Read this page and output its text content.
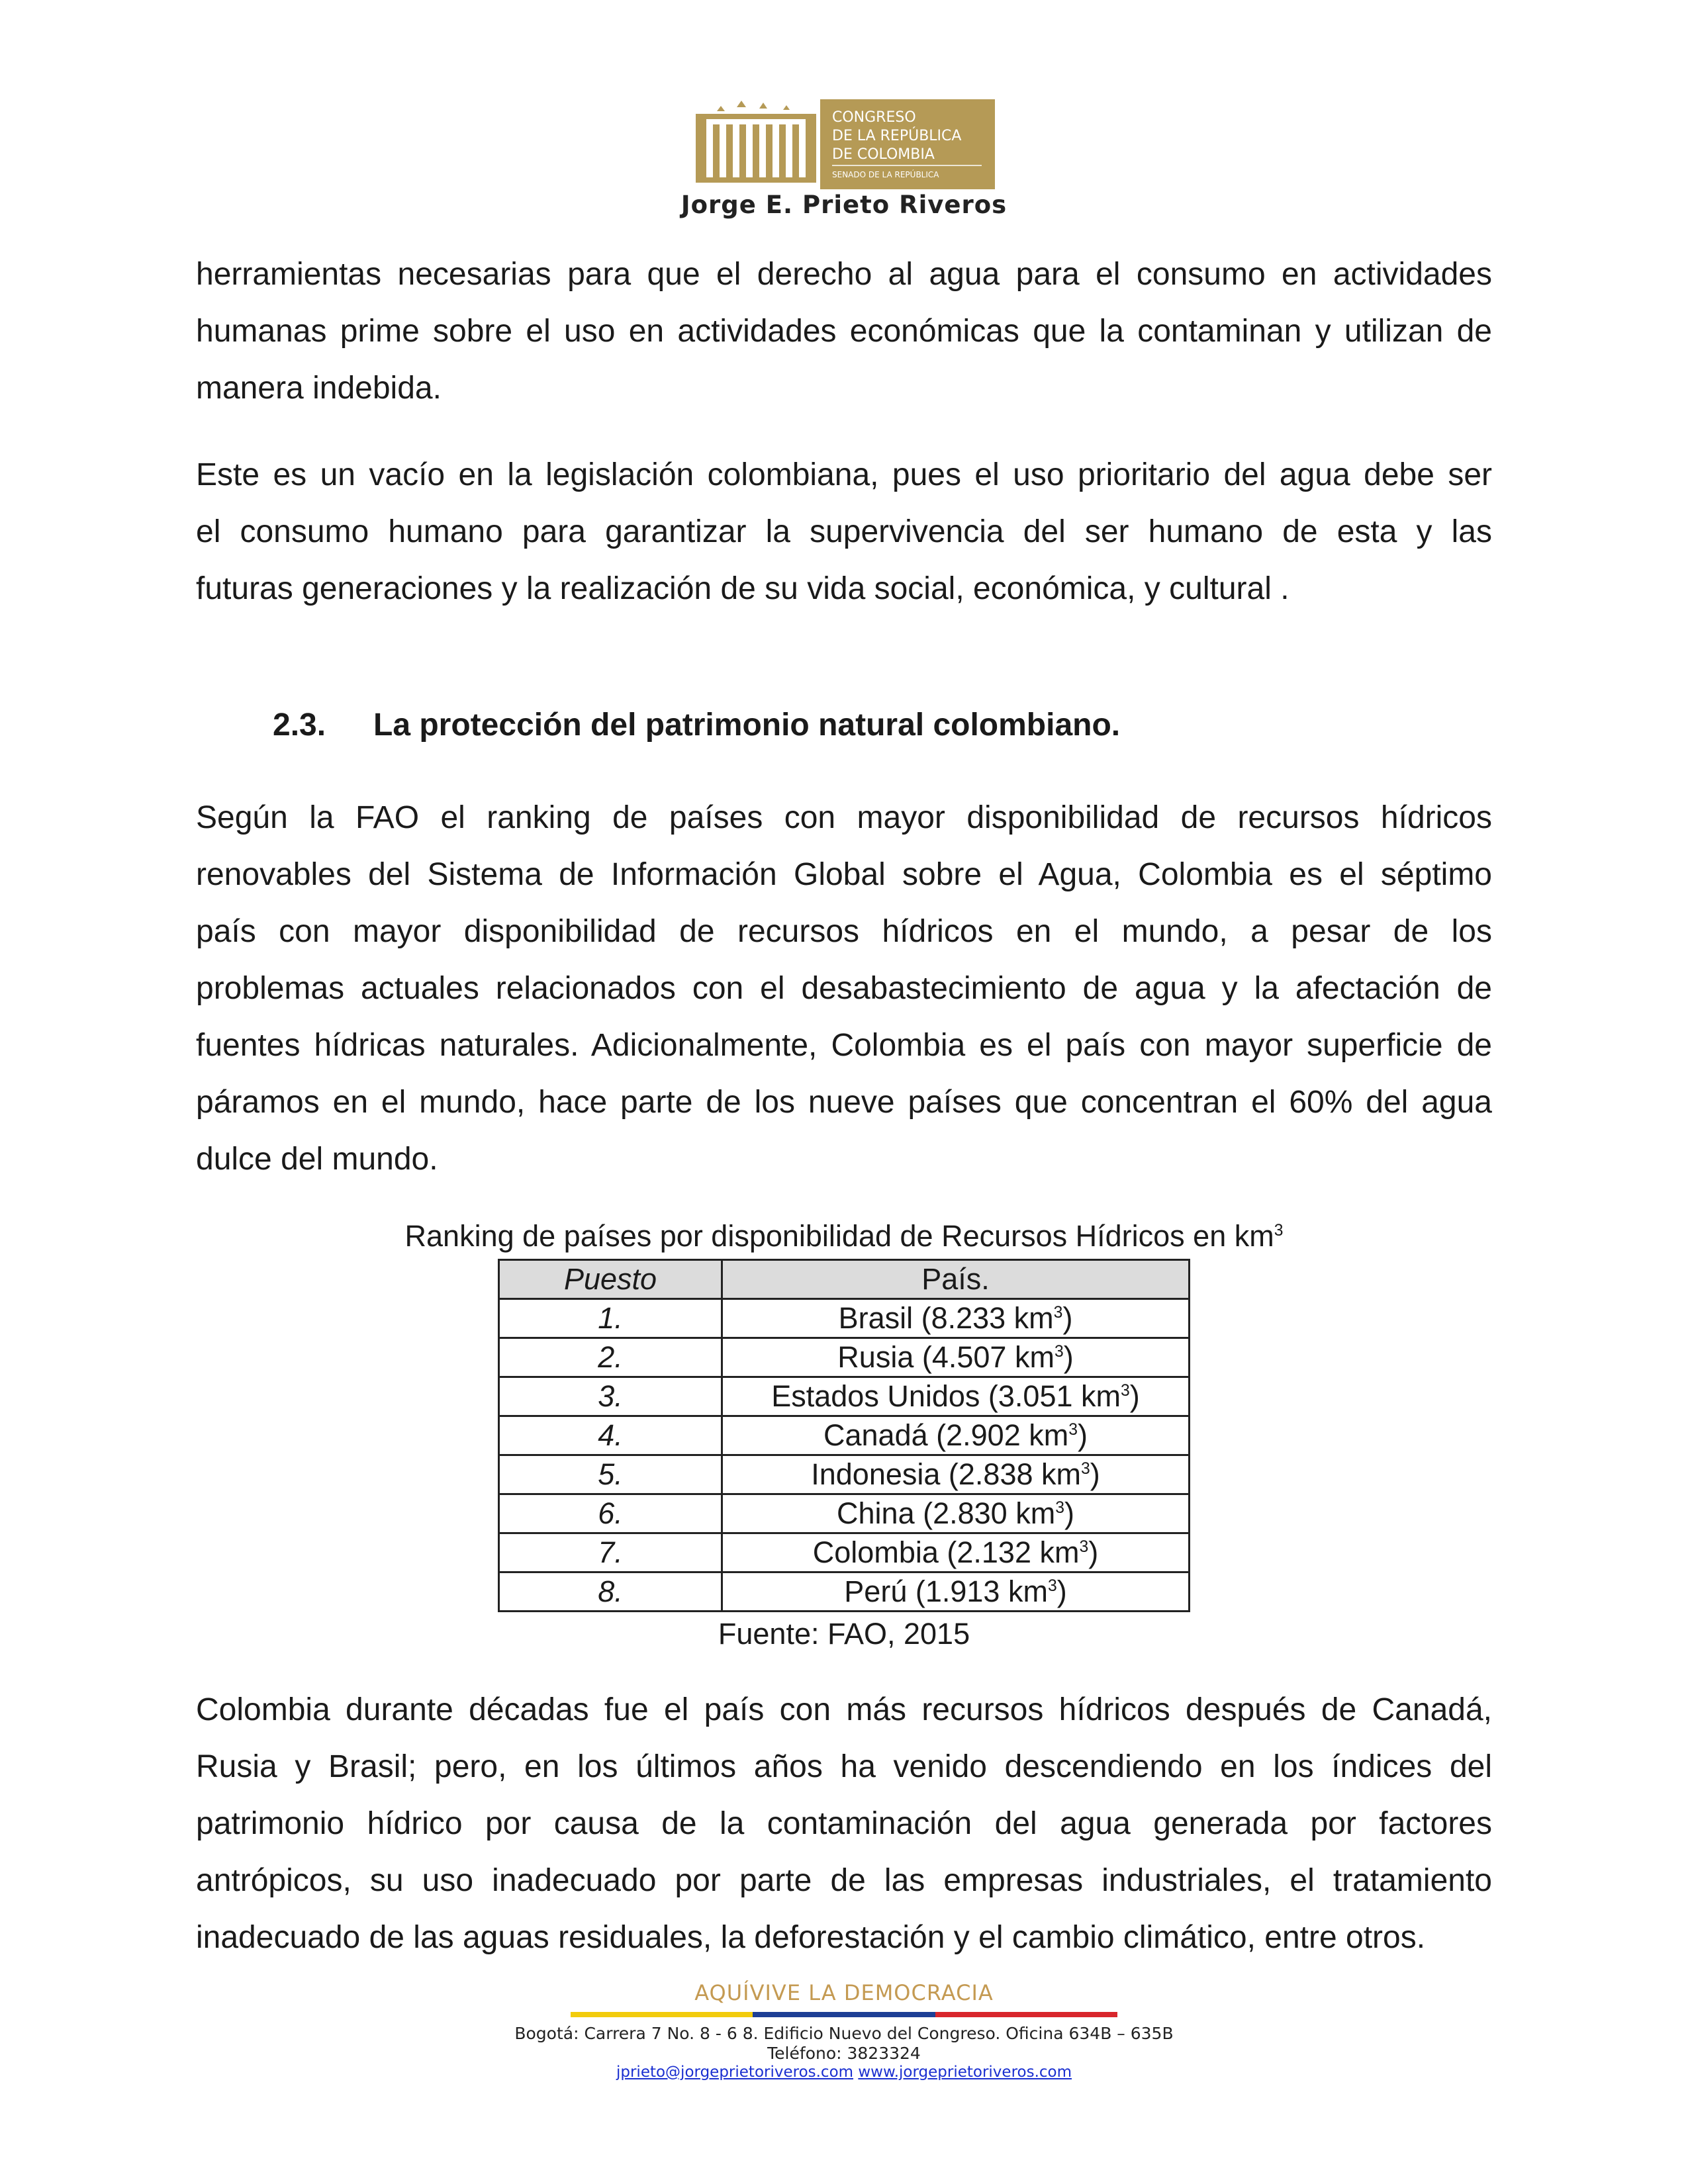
CONGRESO
DE LA REPÚBLICA
DE COLOMBIA
SENADO DE LA REPÚBLICA
Jorge E. Prieto Riveros
herramientas necesarias para que el derecho al agua para el consumo en actividades
humanas prime sobre el uso en actividades económicas que la contaminan y utilizan de
manera indebida.
Este es un vacío en la legislación colombiana, pues el uso prioritario del agua debe ser
el consumo humano para garantizar la supervivencia del ser humano de esta y las
futuras generaciones y la realización de su vida social, económica, y cultural .
2.3. La protección del patrimonio natural colombiano.
Según la FAO el ranking de países con mayor disponibilidad de recursos hídricos
renovables del Sistema de Información Global sobre el Agua, Colombia es el séptimo
país con mayor disponibilidad de recursos hídricos en el mundo, a pesar de los
problemas actuales relacionados con el desabastecimiento de agua y la afectación de
fuentes hídricas naturales. Adicionalmente, Colombia es el país con mayor superficie de
páramos en el mundo, hace parte de los nueve países que concentran el 60% del agua
dulce del mundo.
Ranking de países por disponibilidad de Recursos Hídricos en $km^3$
Puesto	País.
1.	Brasil (8.233 $km^3$)
2.	Rusia (4.507 $km^3$)
3.	Estados Unidos (3.051 $km^3$)
4.	Canadá (2.902 $km^3$)
5.	Indonesia (2.838 $km^3$)
6.	China (2.830 $km^3$)
7.	Colombia (2.132 $km^3$)
8.	Perú (1.913 $km^3$)
Fuente: FAO, 2015
Colombia durante décadas fue el país con más recursos hídricos después de Canadá,
Rusia y Brasil; pero, en los últimos años ha venido descendiendo en los índices del
patrimonio hídrico por causa de la contaminación del agua generada por factores
antrópicos, su uso inadecuado por parte de las empresas industriales, el tratamiento
inadecuado de las aguas residuales, la deforestación y el cambio climático, entre otros.
AQUÍVIVE LA DEMOCRACIA
Bogotá: Carrera 7 No. 8 - 6 8. Edificio Nuevo del Congreso. Oficina 634B – 635B
Teléfono: 3823324
jprieto@jorgeprietoriveros.com www.jorgeprietoriveros.com
